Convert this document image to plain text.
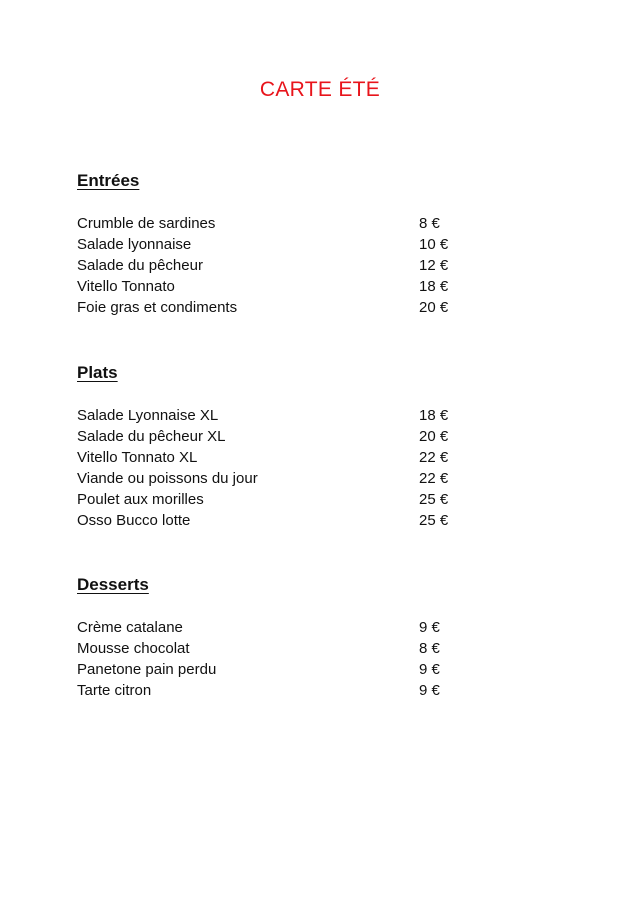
CARTE ÉTÉ
Entrées
Crumble de sardines	8 €
Salade lyonnaise	10 €
Salade du pêcheur	12 €
Vitello Tonnato	18 €
Foie gras et condiments	20 €
Plats
Salade Lyonnaise XL	18 €
Salade du pêcheur XL	20 €
Vitello Tonnato XL	22 €
Viande ou poissons du jour	22 €
Poulet aux morilles	25 €
Osso Bucco lotte	25 €
Desserts
Crème catalane	9 €
Mousse chocolat	8 €
Panetone pain perdu	9 €
Tarte citron	9 €
